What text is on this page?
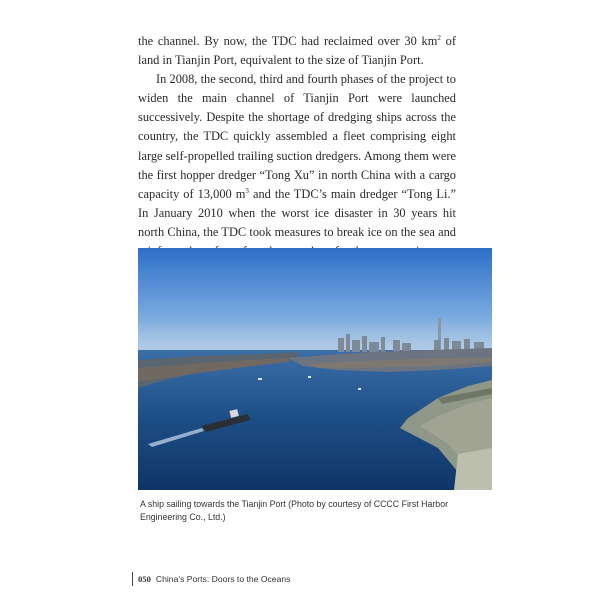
the channel. By now, the TDC had reclaimed over 30 $km^2$ of land in Tianjin Port, equivalent to the size of Tianjin Port.

In 2008, the second, third and fourth phases of the project to widen the main channel of Tianjin Port were launched successively. Despite the shortage of dredging ships across the country, the TDC quickly assembled a fleet comprising eight large self-propelled trailing suction dredgers. Among them were the first hopper dredger “Tong Xu” in north China with a cargo capacity of 13,000 $m^3$ and the TDC’s main dredger “Tong Li.” In January 2010 when the worst ice disaster in 30 years hit north China, the TDC took measures to break ice on the sea and

A ship sailing towards the Tianjin Port (Photo by courtesy of CCCC First Harbor Engineering Co., Ltd.)
050 China’s Ports: Doors to the Oceans
